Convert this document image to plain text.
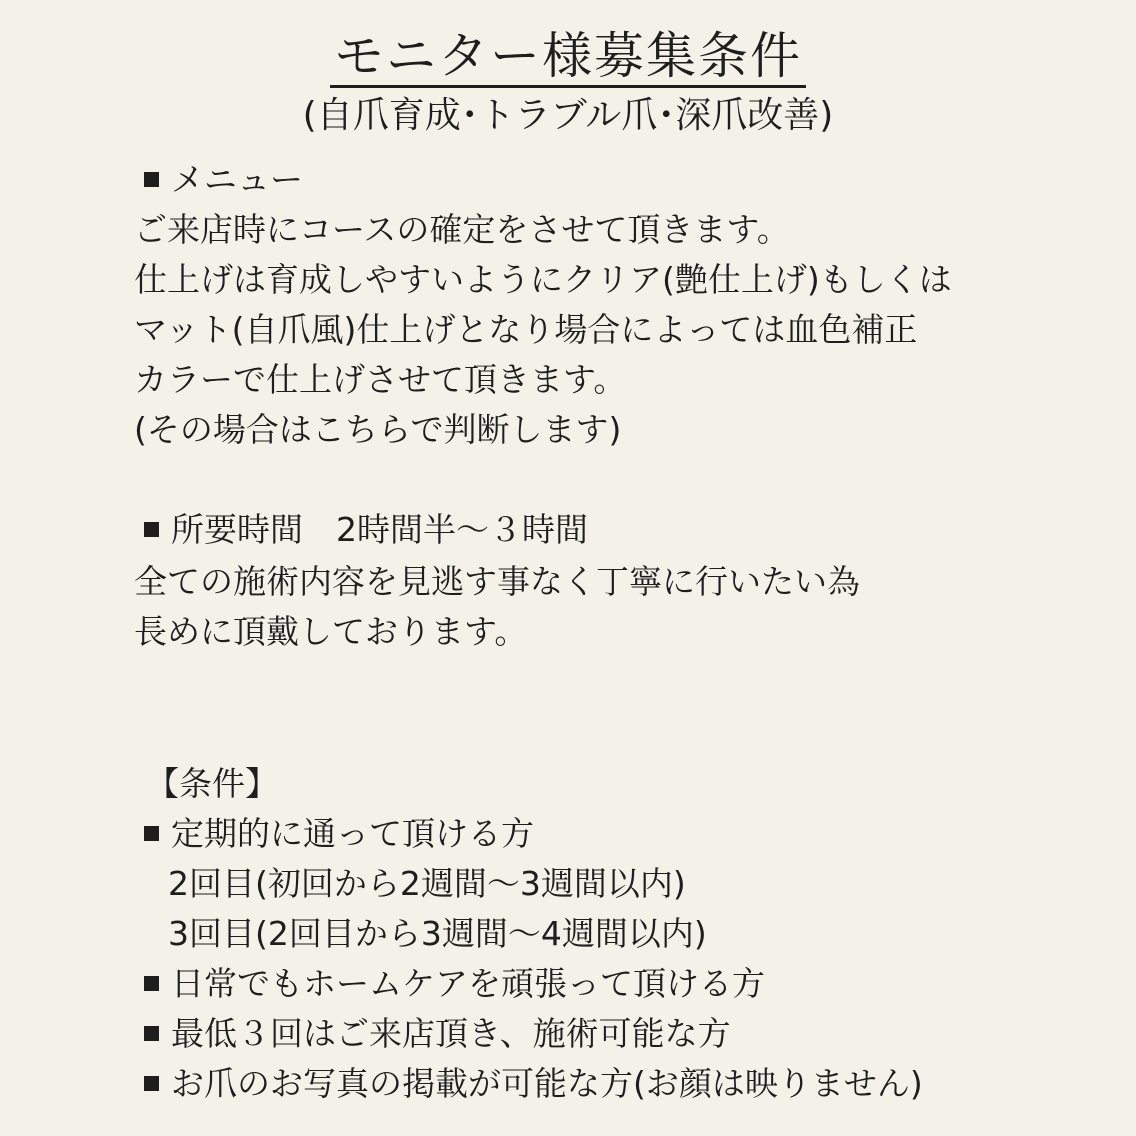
モニター様募集条件
(自爪育成･トラブル爪･深爪改善)
メニュー
ご来店時にコースの確定をさせて頂きます。
仕上げは育成しやすいようにクリア(艶仕上げ)もしくは
マット(自爪風)仕上げとなり場合によっては血色補正
カラーで仕上げさせて頂きます。
(その場合はこちらで判断します)
所要時間　2時間半～３時間
全ての施術内容を見逃す事なく丁寧に行いたい為
長めに頂戴しております。
【条件】
定期的に通って頂ける方
2回目(初回から2週間～3週間以内)
3回目(2回目から3週間～4週間以内)
日常でもホームケアを頑張って頂ける方
最低３回はご来店頂き、施術可能な方
お爪のお写真の掲載が可能な方(お顔は映りません)
